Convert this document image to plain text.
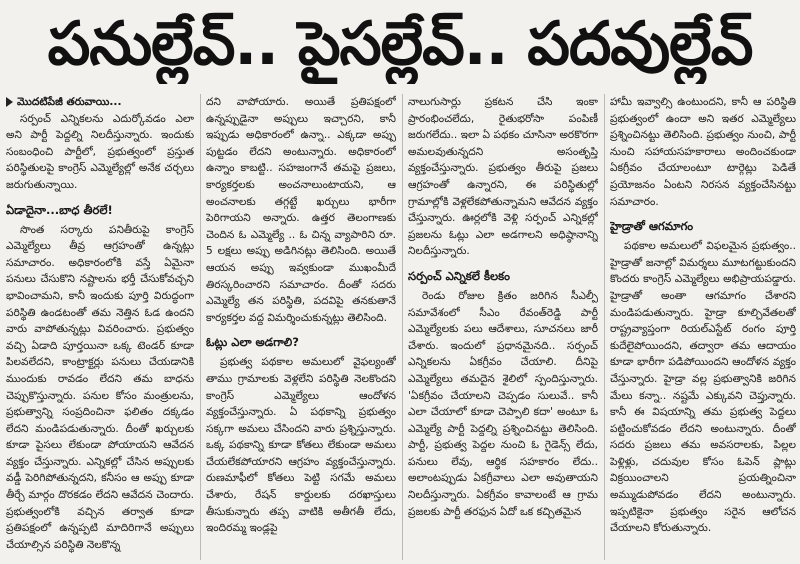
పనుల్లేవ్.. పైసల్లేవ్.. పదవుల్లేవ్

మొదటిపేజీ తరువాయి...

సర్పంచ్ ఎన్నికలను ఎదుర్కోవడం ఎలా అని పార్టీ పెద్దల్ని నిలదీస్తున్నారు. ఇందుకు సంబంధించి పార్టీలో, ప్రభుత్వంలో ప్రస్తుత పరిస్థితులపై కాంగ్రెస్ ఎమ్మెల్యేల్లో అనేక చర్చలు జరుగుతున్నాయి.

ఏడాదైనా...బాధ తీరలే!

సొంత సర్కారు పనితీరుపై కాంగ్రెస్ ఎమ్మెల్యేలు తీవ్ర ఆగ్రహంతో ఉన్నట్లు సమాచారం. అధికారంలోకి వస్తే ఏమైనా పనులు చేసుకొని నష్టాలను భర్తీ చేసుకోవచ్చని భావించామని, కానీ ఇందుకు పూర్తి విరుద్ధంగా పరిస్థితి ఉండటంతో తమ నెత్తిన ఓడ ఉందని వారు వాపోతున్నట్లు వివరించారు. ప్రభుత్వం వచ్చి ఏడాది పూర్తయినా ఒక్క టెండర్ కూడా పిలవలేదని, కాంట్రాక్టర్లు పనులు చేయడానికి ముందుకు రావడం లేదని తమ బాధను చెప్పుకొస్తున్నారు. పనుల కోసం మంత్రులను, ప్రభుత్వాన్ని సంప్రదించినా ఫలితం దక్కడం లేదని మండిపడుతున్నారు. దీంతో ఖర్చులకు కూడా పైసలు లేకుండా పోయాయని ఆవేదన వ్యక్తం చేస్తున్నారు. ఎన్నికల్లో చేసిన అప్పులకు వడ్డీ పెరిగిపోతున్నదని, కనీసం ఆ అప్పు కూడా తీర్చే మార్గం దొరకడం లేదని ఆవేదన చెందారు. ప్రభుత్వంలోకి వచ్చిన తర్వాత కూడా ప్రతిపక్షంలో ఉన్నప్పటి మాదిరిగానే అప్పులు చేయాల్సిన పరిస్థితి నెలకొన్న

దని వాపోయారు. అయితే ప్రతిపక్షంలో ఉన్నప్పుడైనా అప్పులు ఇచ్చారని, కానీ ఇప్పుడు అధికారంలో ఉన్నా.. ఎక్కడా అప్పు పుట్టడం లేదని అంటున్నారు. అధికారంలో ఉన్నాం కాబట్టి.. సహజంగానే తమపై ప్రజలు, కార్యకర్తలకు అంచనాలుంటాయని, ఆ అంచనాలకు తగ్గట్టే ఖర్చులు భారీగా పెరిగాయని అన్నారు. ఉత్తర తెలంగాణకు చెందిన ఓ ఎమ్మెల్యే .. ఓ చిన్న వ్యాపారిని రూ. 5 లక్షలు అప్పు అడిగినట్లు తెలిసింది. అయితే ఆయన అప్పు ఇవ్వకుండా ముఖంమీదే తిరస్కరించారని సమాచారం. దీంతో సదరు ఎమ్మెల్యే తన పరిస్థితి, పదవిపై తనకుతానే కార్యకర్తల వద్ద విమర్శించుకున్నట్లు తెలిసింది.

ఓట్లు ఎలా అడగాలి?

ప్రభుత్వ పథకాల అమలులో వైఫల్యంతో తాము గ్రామాలకు వెళ్లలేని పరిస్థితి నెలకొందని కాంగ్రెస్ ఎమ్మెల్యేలు ఆందోళన వ్యక్తంచేస్తున్నారు. ఏ పథకాన్ని ప్రభుత్వం సక్కగా అమలు చేసిందని వారు ప్రశ్నిస్తున్నారు. ఒక్క పథకాన్ని కూడా కోతలు లేకుండా అమలు చేయలేకపోయారని ఆగ్రహం వ్యక్తంచేస్తున్నారు. రుణమాఫీలో కోతలు పెట్టి సగమే అమలు చేశారు, రేషన్ కార్డులకు దరఖాస్తులు తీసుకున్నారు తప్ప వాటికి అతీగతీ లేదు, ఇందిరమ్మ ఇండ్లపై

నాలుగుసార్లు ప్రకటన చేసి ఇంకా ప్రారంభించలేదు, రైతుభరోసా పంపిణీ జరుగలేదు.. ఇలా ఏ పథకం చూసినా అరకొరగా అమలవుతున్నదని అసంతృప్తి వ్యక్తంచేస్తున్నారు. ప్రభుత్వం తీరుపై ప్రజలు ఆగ్రహంతో ఉన్నారని, ఈ పరిస్థితుల్లో గ్రామాల్లోకి వెళ్లలేకపోతున్నామని ఆవేదన వ్యక్తం చేస్తున్నారు. ఊర్లలోకి వెళ్లి సర్పంచ్ ఎన్నికల్లో ప్రజలను ఓట్లు ఎలా అడగాలని అధిష్ఠానాన్ని నిలదీస్తున్నారు.

సర్పంచ్ ఎన్నికలే కీలకం

రెండు రోజుల క్రితం జరిగిన సీఎల్పీ సమావేశంలో సీఎం రేవంత్‌రెడ్డి పార్టీ ఎమ్మెల్యేలకు పలు ఆదేశాలు, సూచనలు జారీ చేశారు. ఇందులో ప్రధానమైనది.. సర్పంచ్ ఎన్నికలను ఏకగ్రీవం చేయాలి. దీనిపై ఎమ్మెల్యేలు తమదైన శైలిలో స్పందిస్తున్నారు. 'ఏకగ్రీవం చేయాలని చెప్పడం సులువే.. కానీ ఎలా చేయాలో కూడా చెప్పాలి కదా' అంటూ ఓ ఎమ్మెల్యే పార్టీ పెద్దల్ని ప్రశ్నించినట్టు తెలిసింది. పార్టీ, ప్రభుత్వ పెద్దల నుంచి ఓ గైడెన్స్ లేదు, పనులు లేవు, ఆర్థిక సహకారం లేదు.. అలాంటప్పుడు ఏకగ్రీవాలు ఎలా అవుతాయని నిలదీస్తున్నారు. ఏకగ్రీవం కావాలంటే ఆ గ్రామ ప్రజలకు పార్టీ తరఫున ఏదో ఒక కచ్చితమైన

హామీ ఇవ్వాల్సి ఉంటుందని, కానీ ఆ పరిస్థితి ప్రభుత్వంలో ఉందా అని ఇతర ఎమ్మెల్యేలు ప్రశ్నించినట్టు తెలిసింది. ప్రభుత్వం నుంచి, పార్టీ నుంచి సహాయసహకారాలు అందించకుండా ఏకగ్రీవం చేయాలంటూ టార్గెట్లు పెడితే ప్రయోజనం ఏంటని నిరసన వ్యక్తంచేసినట్టు సమాచారం.

హైడ్రాతో ఆగమాగం

పథకాల అమలులో విఫలమైన ప్రభుత్వం.. హైడ్రాతో జనాల్లో విమర్శలు మూటగట్టుకుందని కొందరు కాంగ్రెస్ ఎమ్మెల్యేలు అభిప్రాయపడ్డారు. హైడ్రాతో అంతా ఆగమాగం చేశారని మండిపడుతున్నారు. హైడ్రా కూల్చివేతలతో రాష్ట్రవ్యాప్తంగా రియల్ఎస్టేట్ రంగం పూర్తి కుదేలైపోయిందని, తద్వారా తమ ఆదాయం కూడా భారీగా పడిపోయిందని ఆందోళన వ్యక్తం చేస్తున్నారు. హైడ్రా వల్ల ప్రభుత్వానికి జరిగిన మేలు కన్నా.. నష్టమే ఎక్కువని చెప్తున్నారు. కానీ ఈ విషయాన్ని తమ ప్రభుత్వ పెద్దలు పట్టించుకోవడం లేదని అంటున్నారు. దీంతో సదరు ప్రజలు తమ అవసరాలకు, పిల్లల పెళ్లిళ్లు, చదువుల కోసం ఓపెన్ ప్లాట్లు విక్రయించాలని ప్రయత్నించినా అమ్ముడుపోవడం లేదని అంటున్నారు. ఇప్పటికైనా ప్రభుత్వం సరైన ఆలోచన చేయాలని కోరుతున్నారు.
